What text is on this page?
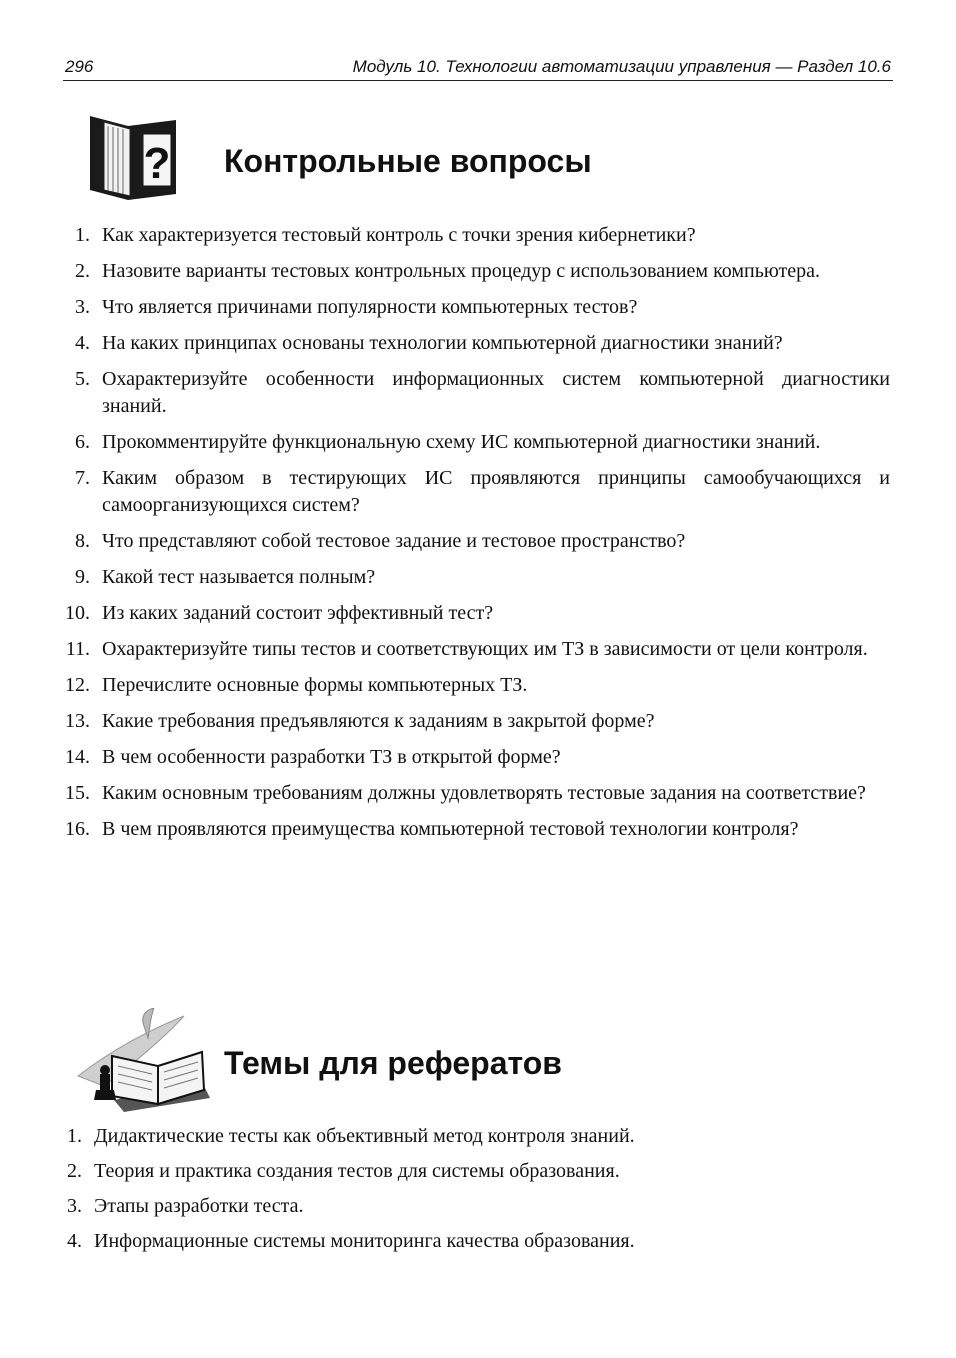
296	Модуль 10. Технологии автоматизации управления — Раздел 10.6
? Контрольные вопросы
1. Как характеризуется тестовый контроль с точки зрения кибернетики?
2. Назовите варианты тестовых контрольных процедур с использованием компьютера.
3. Что является причинами популярности компьютерных тестов?
4. На каких принципах основаны технологии компьютерной диагностики знаний?
5. Охарактеризуйте особенности информационных систем компьютерной диагностики знаний.
6. Прокомментируйте функциональную схему ИС компьютерной диагностики знаний.
7. Каким образом в тестирующих ИС проявляются принципы самообучающихся и самоорганизующихся систем?
8. Что представляют собой тестовое задание и тестовое пространство?
9. Какой тест называется полным?
10. Из каких заданий состоит эффективный тест?
11. Охарактеризуйте типы тестов и соответствующих им ТЗ в зависимости от цели контроля.
12. Перечислите основные формы компьютерных ТЗ.
13. Какие требования предъявляются к заданиям в закрытой форме?
14. В чем особенности разработки ТЗ в открытой форме?
15. Каким основным требованиям должны удовлетворять тестовые задания на соответствие?
16. В чем проявляются преимущества компьютерной тестовой технологии контроля?
Темы для рефератов
1. Дидактические тесты как объективный метод контроля знаний.
2. Теория и практика создания тестов для системы образования.
3. Этапы разработки теста.
4. Информационные системы мониторинга качества образования.
